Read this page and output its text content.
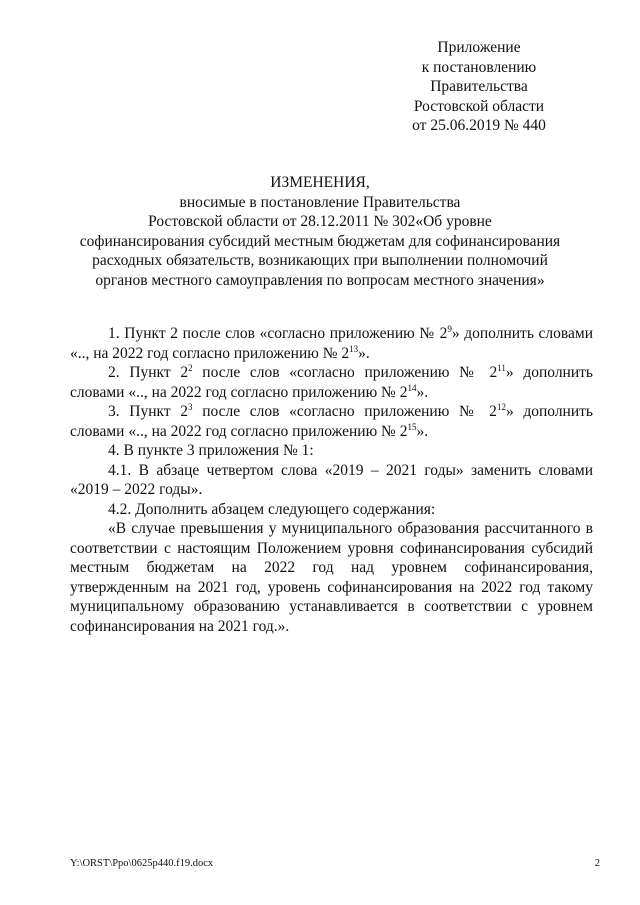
Приложение
к постановлению
Правительства
Ростовской области
от 25.06.2019 № 440
ИЗМЕНЕНИЯ,
вносимые в постановление Правительства
Ростовской области от 28.12.2011 № 302«Об уровне
софинансирования субсидий местным бюджетам для софинансирования
расходных обязательств, возникающих при выполнении полномочий
органов местного самоуправления по вопросам местного значения»

1. Пункт 2 после слов «согласно приложению № $2^9$» дополнить словами «.., на 2022 год согласно приложению № $2^{13}$».

2. Пункт $2^2$ после слов «согласно приложению № $2^{11}$» дополнить словами «.., на 2022 год согласно приложению № $2^{14}$».

3. Пункт $2^3$ после слов «согласно приложению № $2^{12}$» дополнить словами «.., на 2022 год согласно приложению № $2^{15}$».

4. В пункте 3 приложения № 1:

4.1. В абзаце четвертом слова «2019 – 2021 годы» заменить словами «2019 – 2022 годы».

4.2. Дополнить абзацем следующего содержания:

«В случае превышения у муниципального образования рассчитанного в соответствии с настоящим Положением уровня софинансирования субсидий местным бюджетам на 2022 год над уровнем софинансирования, утвержденным на 2021 год, уровень софинансирования на 2022 год такому муниципальному образованию устанавливается в соответствии с уровнем софинансирования на 2021 год.».

Y:\ORST\Ppo\0625p440.f19.docx	2
